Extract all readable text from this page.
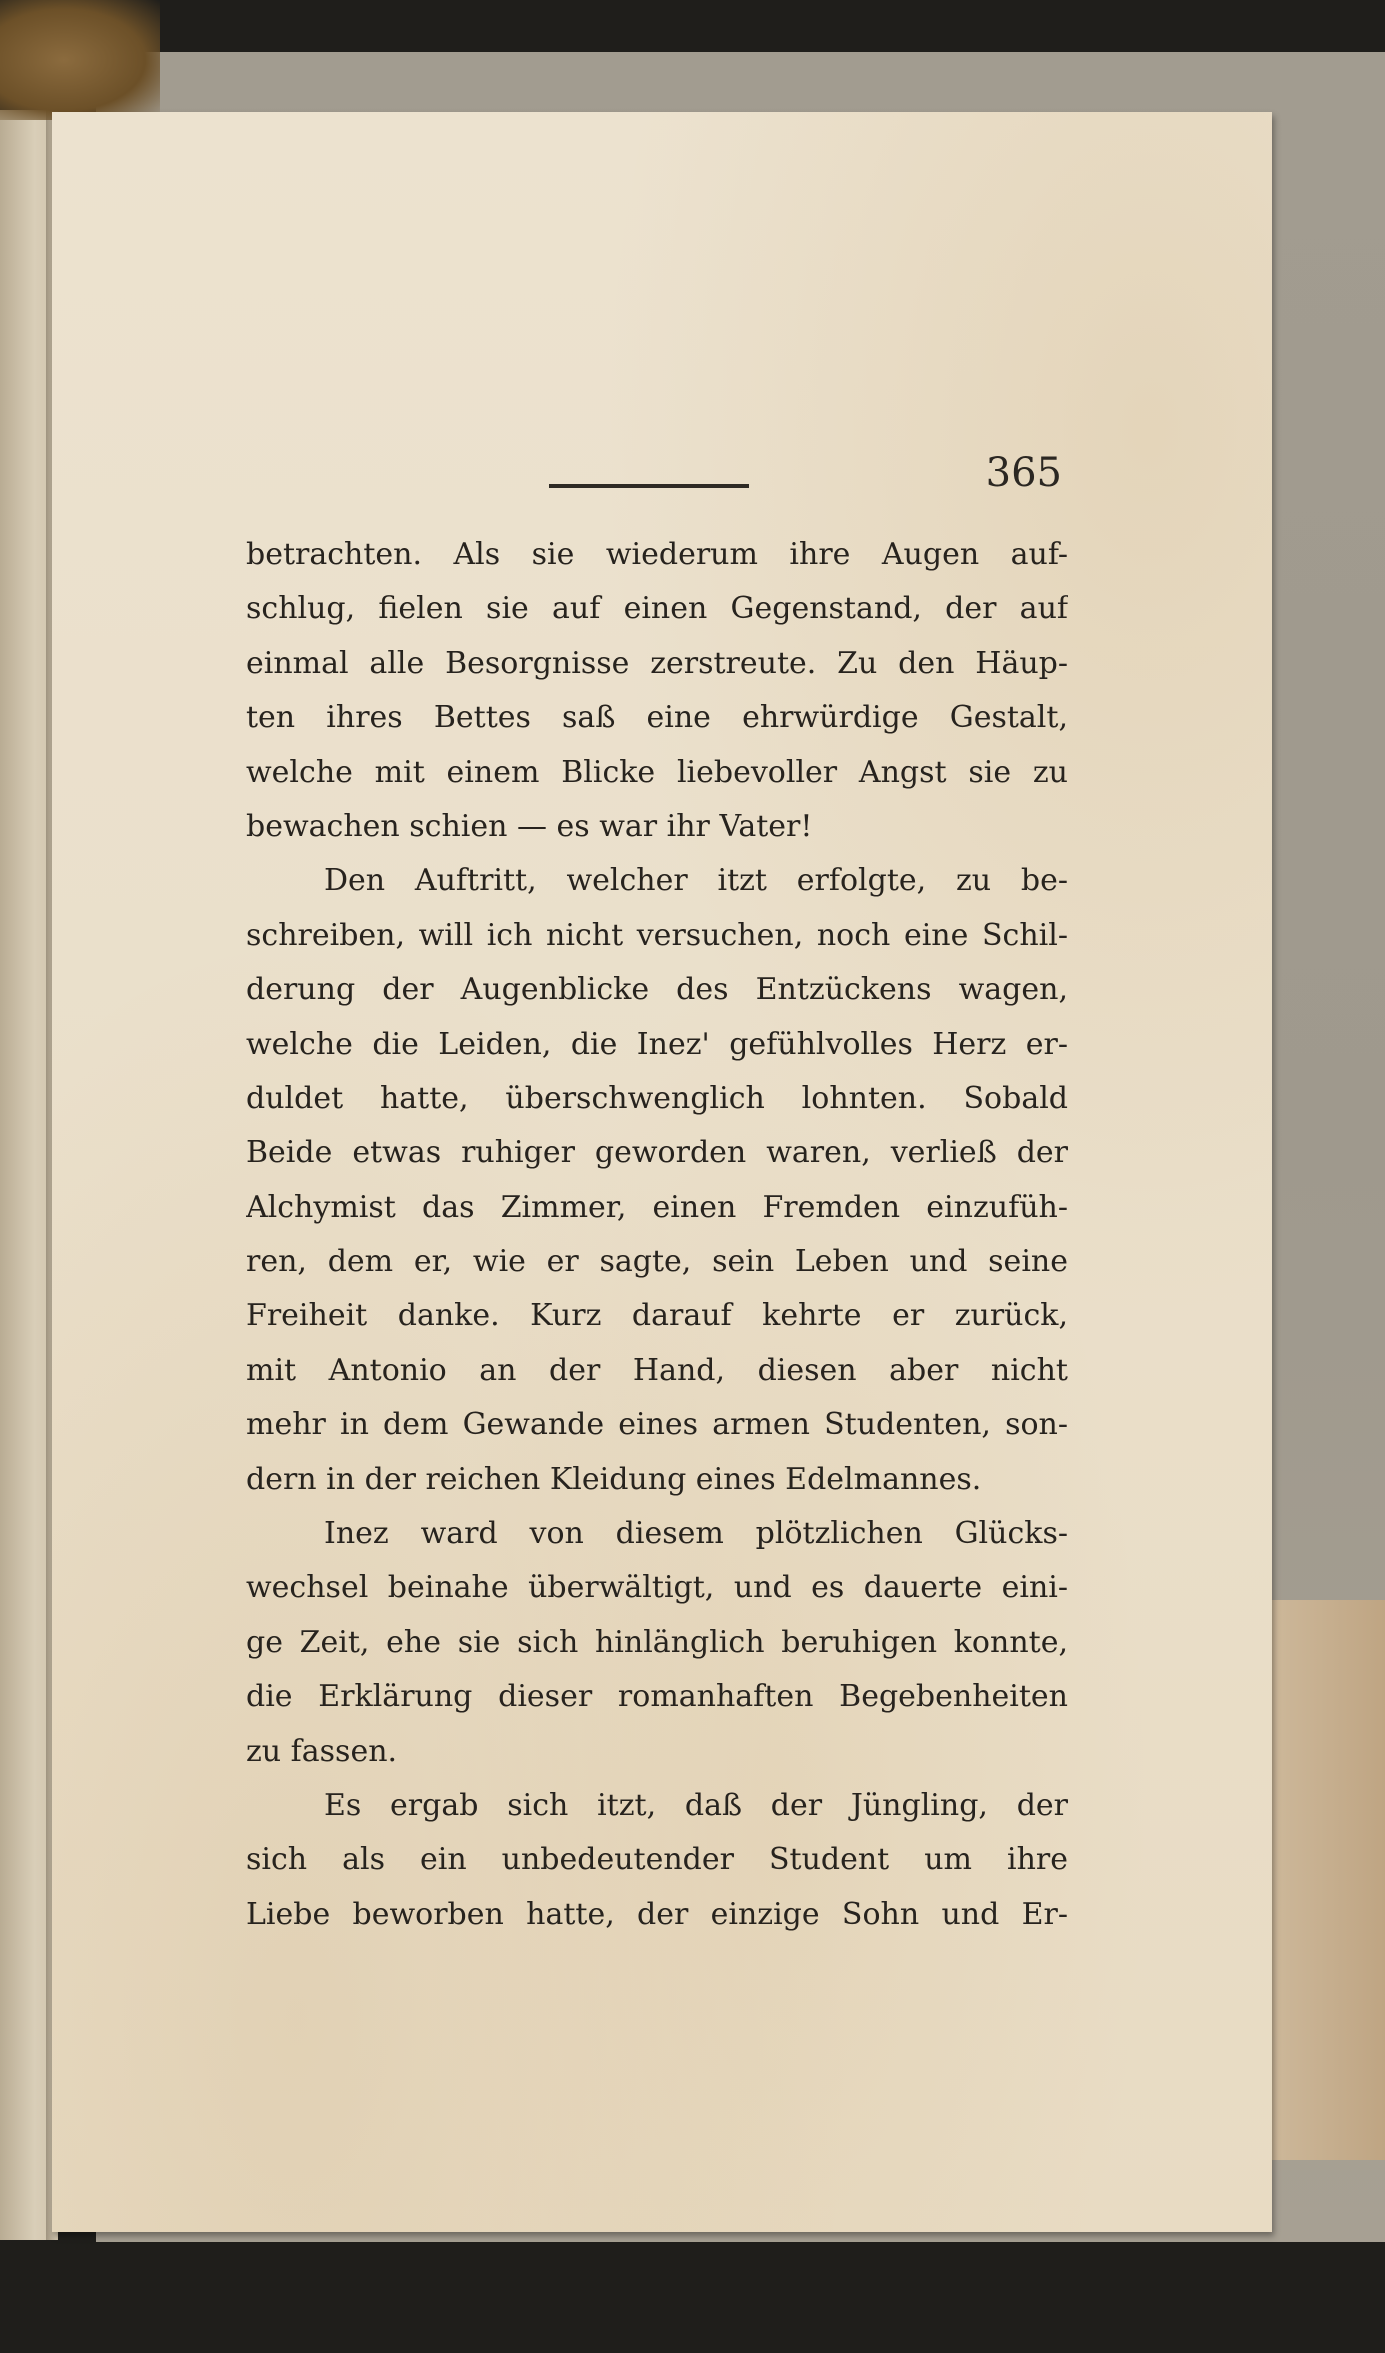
365
betrachten. Als sie wiederum ihre Augen auf-
schlug, fielen sie auf einen Gegenstand, der auf
einmal alle Besorgnisse zerstreute. Zu den Häup-
ten ihres Bettes saß eine ehrwürdige Gestalt,
welche mit einem Blicke liebevoller Angst sie zu
bewachen schien — es war ihr Vater!
Den Auftritt, welcher itzt erfolgte, zu be-
schreiben, will ich nicht versuchen, noch eine Schil-
derung der Augenblicke des Entzückens wagen,
welche die Leiden, die Inez' gefühlvolles Herz er-
duldet hatte, überschwenglich lohnten. Sobald
Beide etwas ruhiger geworden waren, verließ der
Alchymist das Zimmer, einen Fremden einzufüh-
ren, dem er, wie er sagte, sein Leben und seine
Freiheit danke. Kurz darauf kehrte er zurück,
mit Antonio an der Hand, diesen aber nicht
mehr in dem Gewande eines armen Studenten, son-
dern in der reichen Kleidung eines Edelmannes.
Inez ward von diesem plötzlichen Glücks-
wechsel beinahe überwältigt, und es dauerte eini-
ge Zeit, ehe sie sich hinlänglich beruhigen konnte,
die Erklärung dieser romanhaften Begebenheiten
zu fassen.
Es ergab sich itzt, daß der Jüngling, der
sich als ein unbedeutender Student um ihre
Liebe beworben hatte, der einzige Sohn und Er-
